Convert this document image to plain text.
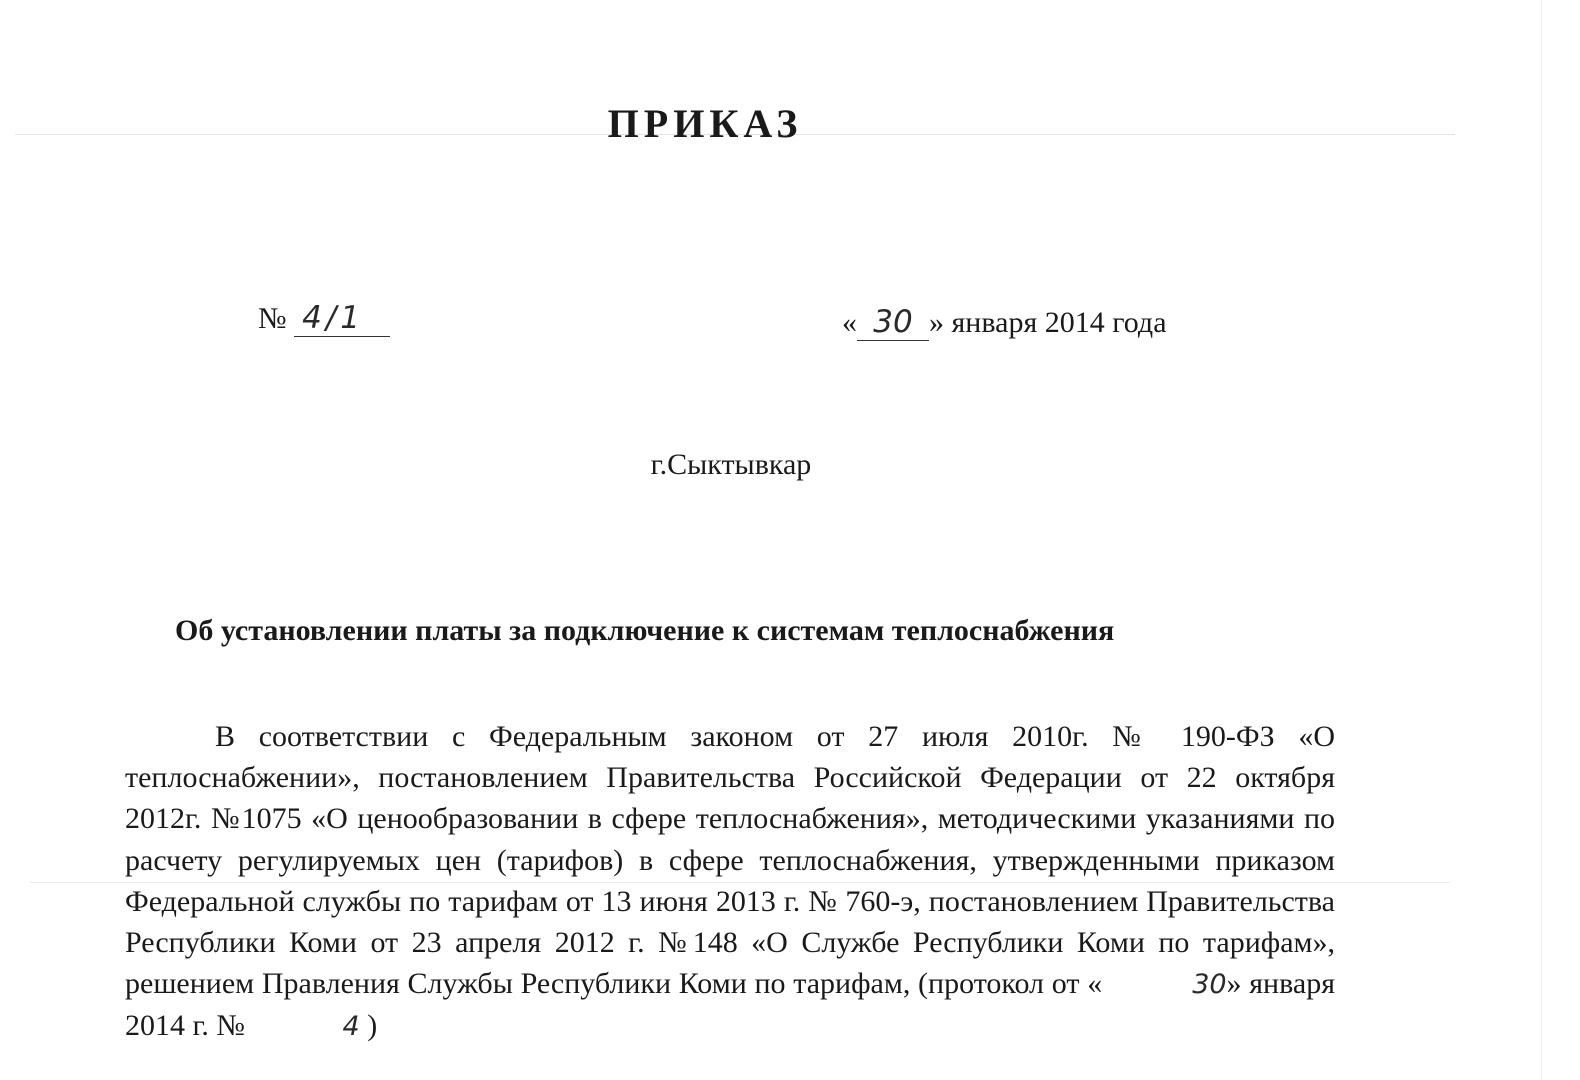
ПРИКАЗ
№ 4/1	« 30 » января 2014 года
г.Сыктывкар
Об установлении платы за подключение к системам теплоснабжения
В соответствии с Федеральным законом от 27 июля 2010г. № 190-ФЗ «О теплоснабжении», постановлением Правительства Российской Федерации от 22 октября 2012г. №1075 «О ценообразовании в сфере теплоснабжения», методическими указаниями по расчету регулируемых цен (тарифов) в сфере теплоснабжения, утвержденными приказом Федеральной службы по тарифам от 13 июня 2013 г. № 760-э, постановлением Правительства Республики Коми от 23 апреля 2012 г. №148 «О Службе Республики Коми по тарифам», решением Правления Службы Республики Коми по тарифам, (протокол от «	30» января 2014 г. №	4 )
